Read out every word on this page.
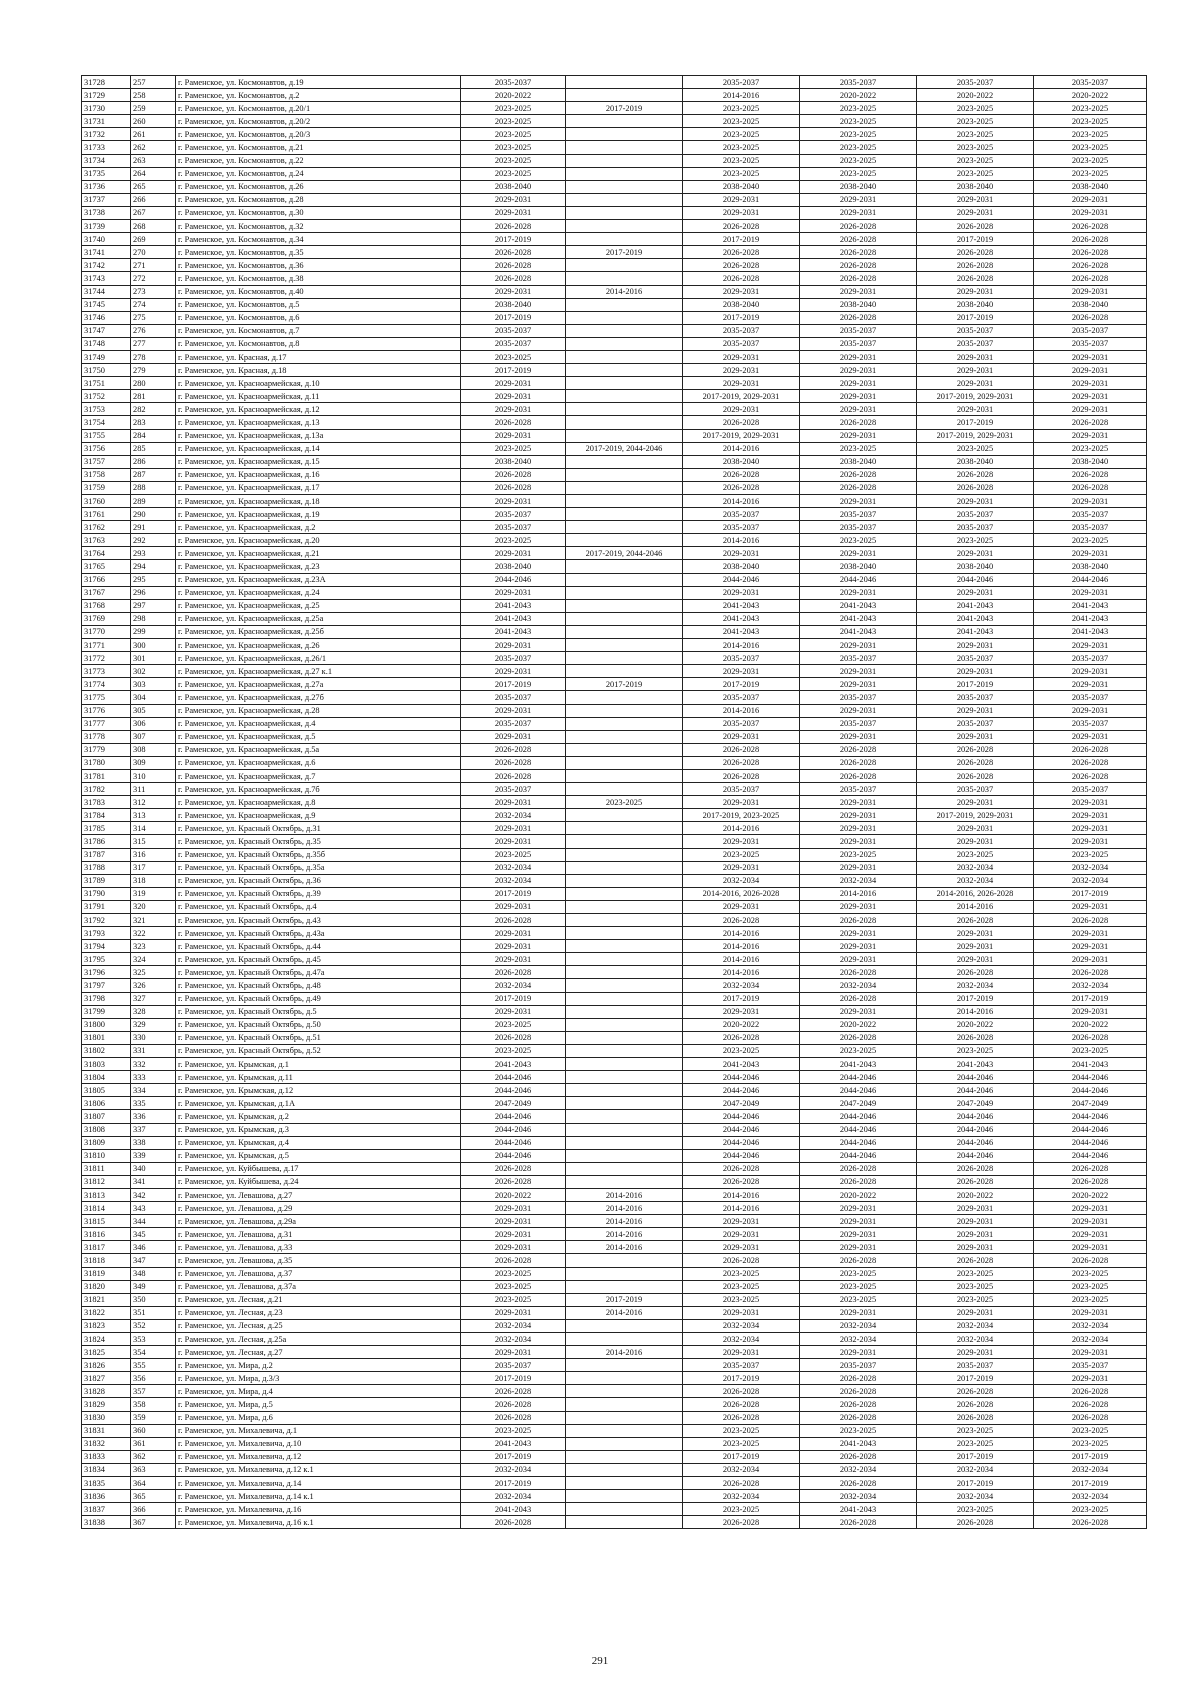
31728	257	г. Раменское, ул. Космонавтов, д.19	2035-2037		2035-2037	2035-2037	2035-2037	2035-2037
31729	258	г. Раменское, ул. Космонавтов, д.2	2020-2022		2014-2016	2020-2022	2020-2022	2020-2022
31730	259	г. Раменское, ул. Космонавтов, д.20/1	2023-2025	2017-2019	2023-2025	2023-2025	2023-2025	2023-2025
31731	260	г. Раменское, ул. Космонавтов, д.20/2	2023-2025		2023-2025	2023-2025	2023-2025	2023-2025
31732	261	г. Раменское, ул. Космонавтов, д.20/3	2023-2025		2023-2025	2023-2025	2023-2025	2023-2025
31733	262	г. Раменское, ул. Космонавтов, д.21	2023-2025		2023-2025	2023-2025	2023-2025	2023-2025
31734	263	г. Раменское, ул. Космонавтов, д.22	2023-2025		2023-2025	2023-2025	2023-2025	2023-2025
31735	264	г. Раменское, ул. Космонавтов, д.24	2023-2025		2023-2025	2023-2025	2023-2025	2023-2025
31736	265	г. Раменское, ул. Космонавтов, д.26	2038-2040		2038-2040	2038-2040	2038-2040	2038-2040
31737	266	г. Раменское, ул. Космонавтов, д.28	2029-2031		2029-2031	2029-2031	2029-2031	2029-2031
31738	267	г. Раменское, ул. Космонавтов, д.30	2029-2031		2029-2031	2029-2031	2029-2031	2029-2031
31739	268	г. Раменское, ул. Космонавтов, д.32	2026-2028		2026-2028	2026-2028	2026-2028	2026-2028
31740	269	г. Раменское, ул. Космонавтов, д.34	2017-2019		2017-2019	2026-2028	2017-2019	2026-2028
31741	270	г. Раменское, ул. Космонавтов, д.35	2026-2028	2017-2019	2026-2028	2026-2028	2026-2028	2026-2028
31742	271	г. Раменское, ул. Космонавтов, д.36	2026-2028		2026-2028	2026-2028	2026-2028	2026-2028
31743	272	г. Раменское, ул. Космонавтов, д.38	2026-2028		2026-2028	2026-2028	2026-2028	2026-2028
31744	273	г. Раменское, ул. Космонавтов, д.40	2029-2031	2014-2016	2029-2031	2029-2031	2029-2031	2029-2031
31745	274	г. Раменское, ул. Космонавтов, д.5	2038-2040		2038-2040	2038-2040	2038-2040	2038-2040
31746	275	г. Раменское, ул. Космонавтов, д.6	2017-2019		2017-2019	2026-2028	2017-2019	2026-2028
31747	276	г. Раменское, ул. Космонавтов, д.7	2035-2037		2035-2037	2035-2037	2035-2037	2035-2037
31748	277	г. Раменское, ул. Космонавтов, д.8	2035-2037		2035-2037	2035-2037	2035-2037	2035-2037
31749	278	г. Раменское, ул. Красная, д.17	2023-2025		2029-2031	2029-2031	2029-2031	2029-2031
31750	279	г. Раменское, ул. Красная, д.18	2017-2019		2029-2031	2029-2031	2029-2031	2029-2031
31751	280	г. Раменское, ул. Красноармейская, д.10	2029-2031		2029-2031	2029-2031	2029-2031	2029-2031
31752	281	г. Раменское, ул. Красноармейская, д.11	2029-2031		2017-2019, 2029-2031	2029-2031	2017-2019, 2029-2031	2029-2031
31753	282	г. Раменское, ул. Красноармейская, д.12	2029-2031		2029-2031	2029-2031	2029-2031	2029-2031
31754	283	г. Раменское, ул. Красноармейская, д.13	2026-2028		2026-2028	2026-2028	2017-2019	2026-2028
31755	284	г. Раменское, ул. Красноармейская, д.13а	2029-2031		2017-2019, 2029-2031	2029-2031	2017-2019, 2029-2031	2029-2031
31756	285	г. Раменское, ул. Красноармейская, д.14	2023-2025	2017-2019, 2044-2046	2014-2016	2023-2025	2023-2025	2023-2025
31757	286	г. Раменское, ул. Красноармейская, д.15	2038-2040		2038-2040	2038-2040	2038-2040	2038-2040
31758	287	г. Раменское, ул. Красноармейская, д.16	2026-2028		2026-2028	2026-2028	2026-2028	2026-2028
31759	288	г. Раменское, ул. Красноармейская, д.17	2026-2028		2026-2028	2026-2028	2026-2028	2026-2028
31760	289	г. Раменское, ул. Красноармейская, д.18	2029-2031		2014-2016	2029-2031	2029-2031	2029-2031
31761	290	г. Раменское, ул. Красноармейская, д.19	2035-2037		2035-2037	2035-2037	2035-2037	2035-2037
31762	291	г. Раменское, ул. Красноармейская, д.2	2035-2037		2035-2037	2035-2037	2035-2037	2035-2037
31763	292	г. Раменское, ул. Красноармейская, д.20	2023-2025		2014-2016	2023-2025	2023-2025	2023-2025
31764	293	г. Раменское, ул. Красноармейская, д.21	2029-2031	2017-2019, 2044-2046	2029-2031	2029-2031	2029-2031	2029-2031
31765	294	г. Раменское, ул. Красноармейская, д.23	2038-2040		2038-2040	2038-2040	2038-2040	2038-2040
31766	295	г. Раменское, ул. Красноармейская, д.23А	2044-2046		2044-2046	2044-2046	2044-2046	2044-2046
31767	296	г. Раменское, ул. Красноармейская, д.24	2029-2031		2029-2031	2029-2031	2029-2031	2029-2031
31768	297	г. Раменское, ул. Красноармейская, д.25	2041-2043		2041-2043	2041-2043	2041-2043	2041-2043
31769	298	г. Раменское, ул. Красноармейская, д.25а	2041-2043		2041-2043	2041-2043	2041-2043	2041-2043
31770	299	г. Раменское, ул. Красноармейская, д.25б	2041-2043		2041-2043	2041-2043	2041-2043	2041-2043
31771	300	г. Раменское, ул. Красноармейская, д.26	2029-2031		2014-2016	2029-2031	2029-2031	2029-2031
31772	301	г. Раменское, ул. Красноармейская, д.26/1	2035-2037		2035-2037	2035-2037	2035-2037	2035-2037
31773	302	г. Раменское, ул. Красноармейская, д.27 к.1	2029-2031		2029-2031	2029-2031	2029-2031	2029-2031
31774	303	г. Раменское, ул. Красноармейская, д.27а	2017-2019	2017-2019	2017-2019	2029-2031	2017-2019	2029-2031
31775	304	г. Раменское, ул. Красноармейская, д.27б	2035-2037		2035-2037	2035-2037	2035-2037	2035-2037
31776	305	г. Раменское, ул. Красноармейская, д.28	2029-2031		2014-2016	2029-2031	2029-2031	2029-2031
31777	306	г. Раменское, ул. Красноармейская, д.4	2035-2037		2035-2037	2035-2037	2035-2037	2035-2037
31778	307	г. Раменское, ул. Красноармейская, д.5	2029-2031		2029-2031	2029-2031	2029-2031	2029-2031
31779	308	г. Раменское, ул. Красноармейская, д.5а	2026-2028		2026-2028	2026-2028	2026-2028	2026-2028
31780	309	г. Раменское, ул. Красноармейская, д.6	2026-2028		2026-2028	2026-2028	2026-2028	2026-2028
31781	310	г. Раменское, ул. Красноармейская, д.7	2026-2028		2026-2028	2026-2028	2026-2028	2026-2028
31782	311	г. Раменское, ул. Красноармейская, д.7б	2035-2037		2035-2037	2035-2037	2035-2037	2035-2037
31783	312	г. Раменское, ул. Красноармейская, д.8	2029-2031	2023-2025	2029-2031	2029-2031	2029-2031	2029-2031
31784	313	г. Раменское, ул. Красноармейская, д.9	2032-2034		2017-2019, 2023-2025	2029-2031	2017-2019, 2029-2031	2029-2031
31785	314	г. Раменское, ул. Красный Октябрь, д.31	2029-2031		2014-2016	2029-2031	2029-2031	2029-2031
31786	315	г. Раменское, ул. Красный Октябрь, д.35	2029-2031		2029-2031	2029-2031	2029-2031	2029-2031
31787	316	г. Раменское, ул. Красный Октябрь, д.35б	2023-2025		2023-2025	2023-2025	2023-2025	2023-2025
31788	317	г. Раменское, ул. Красный Октябрь, д.35а	2032-2034		2029-2031	2029-2031	2032-2034	2032-2034
31789	318	г. Раменское, ул. Красный Октябрь, д.36	2032-2034		2032-2034	2032-2034	2032-2034	2032-2034
31790	319	г. Раменское, ул. Красный Октябрь, д.39	2017-2019		2014-2016, 2026-2028	2014-2016	2014-2016, 2026-2028	2017-2019
31791	320	г. Раменское, ул. Красный Октябрь, д.4	2029-2031		2029-2031	2029-2031	2014-2016	2029-2031
31792	321	г. Раменское, ул. Красный Октябрь, д.43	2026-2028		2026-2028	2026-2028	2026-2028	2026-2028
31793	322	г. Раменское, ул. Красный Октябрь, д.43а	2029-2031		2014-2016	2029-2031	2029-2031	2029-2031
31794	323	г. Раменское, ул. Красный Октябрь, д.44	2029-2031		2014-2016	2029-2031	2029-2031	2029-2031
31795	324	г. Раменское, ул. Красный Октябрь, д.45	2029-2031		2014-2016	2029-2031	2029-2031	2029-2031
31796	325	г. Раменское, ул. Красный Октябрь, д.47а	2026-2028		2014-2016	2026-2028	2026-2028	2026-2028
31797	326	г. Раменское, ул. Красный Октябрь, д.48	2032-2034		2032-2034	2032-2034	2032-2034	2032-2034
31798	327	г. Раменское, ул. Красный Октябрь, д.49	2017-2019		2017-2019	2026-2028	2017-2019	2017-2019
31799	328	г. Раменское, ул. Красный Октябрь, д.5	2029-2031		2029-2031	2029-2031	2014-2016	2029-2031
31800	329	г. Раменское, ул. Красный Октябрь, д.50	2023-2025		2020-2022	2020-2022	2020-2022	2020-2022
31801	330	г. Раменское, ул. Красный Октябрь, д.51	2026-2028		2026-2028	2026-2028	2026-2028	2026-2028
31802	331	г. Раменское, ул. Красный Октябрь, д.52	2023-2025		2023-2025	2023-2025	2023-2025	2023-2025
31803	332	г. Раменское, ул. Крымская, д.1	2041-2043		2041-2043	2041-2043	2041-2043	2041-2043
31804	333	г. Раменское, ул. Крымская, д.11	2044-2046		2044-2046	2044-2046	2044-2046	2044-2046
31805	334	г. Раменское, ул. Крымская, д.12	2044-2046		2044-2046	2044-2046	2044-2046	2044-2046
31806	335	г. Раменское, ул. Крымская, д.1А	2047-2049		2047-2049	2047-2049	2047-2049	2047-2049
31807	336	г. Раменское, ул. Крымская, д.2	2044-2046		2044-2046	2044-2046	2044-2046	2044-2046
31808	337	г. Раменское, ул. Крымская, д.3	2044-2046		2044-2046	2044-2046	2044-2046	2044-2046
31809	338	г. Раменское, ул. Крымская, д.4	2044-2046		2044-2046	2044-2046	2044-2046	2044-2046
31810	339	г. Раменское, ул. Крымская, д.5	2044-2046		2044-2046	2044-2046	2044-2046	2044-2046
31811	340	г. Раменское, ул. Куйбышева, д.17	2026-2028		2026-2028	2026-2028	2026-2028	2026-2028
31812	341	г. Раменское, ул. Куйбышева, д.24	2026-2028		2026-2028	2026-2028	2026-2028	2026-2028
31813	342	г. Раменское, ул. Левашова, д.27	2020-2022	2014-2016	2014-2016	2020-2022	2020-2022	2020-2022
31814	343	г. Раменское, ул. Левашова, д.29	2029-2031	2014-2016	2014-2016	2029-2031	2029-2031	2029-2031
31815	344	г. Раменское, ул. Левашова, д.29а	2029-2031	2014-2016	2029-2031	2029-2031	2029-2031	2029-2031
31816	345	г. Раменское, ул. Левашова, д.31	2029-2031	2014-2016	2029-2031	2029-2031	2029-2031	2029-2031
31817	346	г. Раменское, ул. Левашова, д.33	2029-2031	2014-2016	2029-2031	2029-2031	2029-2031	2029-2031
31818	347	г. Раменское, ул. Левашова, д.35	2026-2028		2026-2028	2026-2028	2026-2028	2026-2028
31819	348	г. Раменское, ул. Левашова, д.37	2023-2025		2023-2025	2023-2025	2023-2025	2023-2025
31820	349	г. Раменское, ул. Левашова, д.37а	2023-2025		2023-2025	2023-2025	2023-2025	2023-2025
31821	350	г. Раменское, ул. Лесная, д.21	2023-2025	2017-2019	2023-2025	2023-2025	2023-2025	2023-2025
31822	351	г. Раменское, ул. Лесная, д.23	2029-2031	2014-2016	2029-2031	2029-2031	2029-2031	2029-2031
31823	352	г. Раменское, ул. Лесная, д.25	2032-2034		2032-2034	2032-2034	2032-2034	2032-2034
31824	353	г. Раменское, ул. Лесная, д.25а	2032-2034		2032-2034	2032-2034	2032-2034	2032-2034
31825	354	г. Раменское, ул. Лесная, д.27	2029-2031	2014-2016	2029-2031	2029-2031	2029-2031	2029-2031
31826	355	г. Раменское, ул. Мира, д.2	2035-2037		2035-2037	2035-2037	2035-2037	2035-2037
31827	356	г. Раменское, ул. Мира, д.3/3	2017-2019		2017-2019	2026-2028	2017-2019	2029-2031
31828	357	г. Раменское, ул. Мира, д.4	2026-2028		2026-2028	2026-2028	2026-2028	2026-2028
31829	358	г. Раменское, ул. Мира, д.5	2026-2028		2026-2028	2026-2028	2026-2028	2026-2028
31830	359	г. Раменское, ул. Мира, д.6	2026-2028		2026-2028	2026-2028	2026-2028	2026-2028
31831	360	г. Раменское, ул. Михалевича, д.1	2023-2025		2023-2025	2023-2025	2023-2025	2023-2025
31832	361	г. Раменское, ул. Михалевича, д.10	2041-2043		2023-2025	2041-2043	2023-2025	2023-2025
31833	362	г. Раменское, ул. Михалевича, д.12	2017-2019		2017-2019	2026-2028	2017-2019	2017-2019
31834	363	г. Раменское, ул. Михалевича, д.12 к.1	2032-2034		2032-2034	2032-2034	2032-2034	2032-2034
31835	364	г. Раменское, ул. Михалевича, д.14	2017-2019		2026-2028	2026-2028	2017-2019	2017-2019
31836	365	г. Раменское, ул. Михалевича, д.14 к.1	2032-2034		2032-2034	2032-2034	2032-2034	2032-2034
31837	366	г. Раменское, ул. Михалевича, д.16	2041-2043		2023-2025	2041-2043	2023-2025	2023-2025
31838	367	г. Раменское, ул. Михалевича, д.16 к.1	2026-2028		2026-2028	2026-2028	2026-2028	2026-2028
291
